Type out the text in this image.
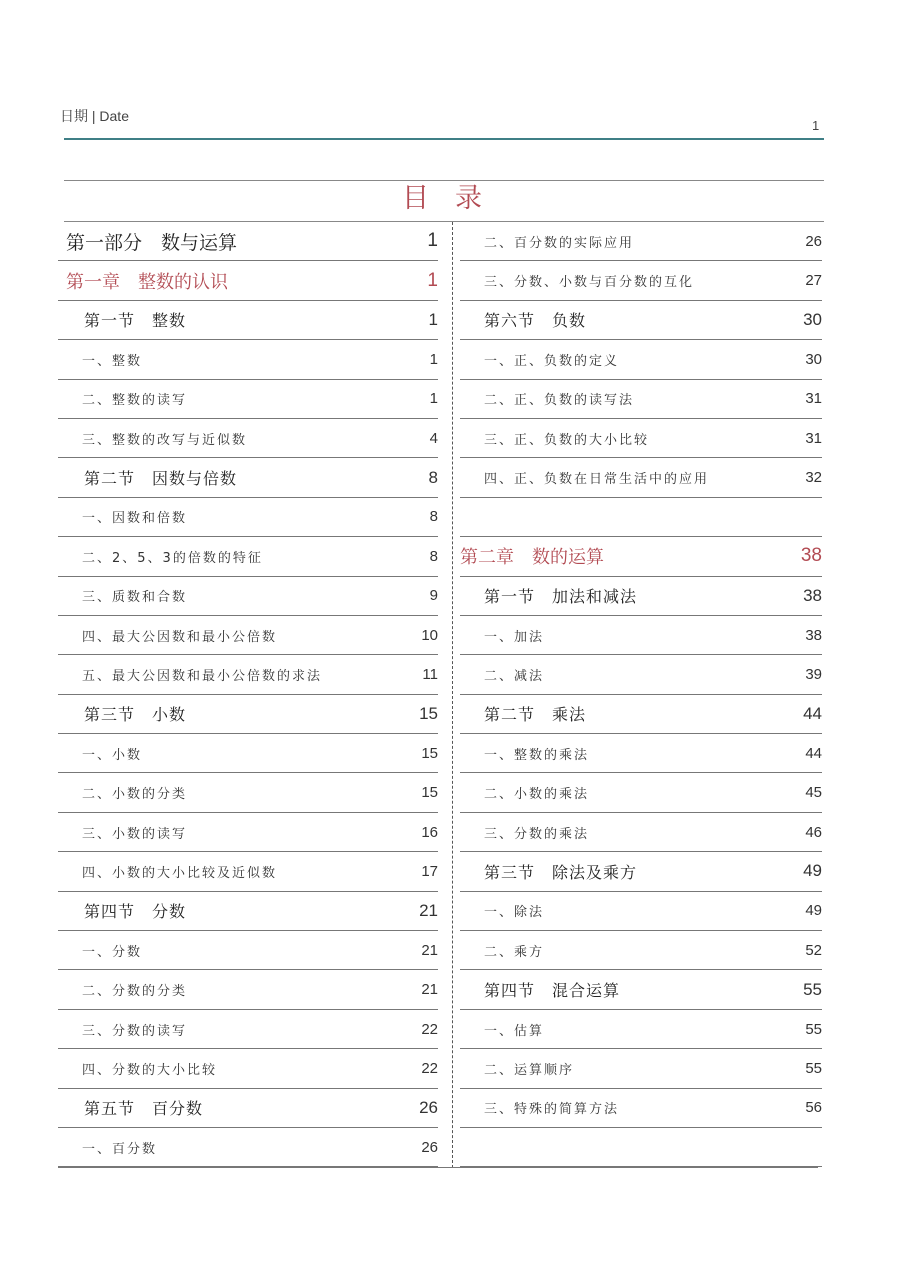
日期 | Date
1
目录
第一部分　数与运算	1
第一章　整数的认识	1
第一节　整数	1
一、整数	1
二、整数的读写	1
三、整数的改写与近似数	4
第二节　因数与倍数	8
一、因数和倍数	8
二、2、5、3的倍数的特征	8
三、质数和合数	9
四、最大公因数和最小公倍数	10
五、最大公因数和最小公倍数的求法	11
第三节　小数	15
一、小数	15
二、小数的分类	15
三、小数的读写	16
四、小数的大小比较及近似数	17
第四节　分数	21
一、分数	21
二、分数的分类	21
三、分数的读写	22
四、分数的大小比较	22
第五节　百分数	26
一、百分数	26
二、百分数的实际应用	26
三、分数、小数与百分数的互化	27
第六节　负数	30
一、正、负数的定义	30
二、正、负数的读写法	31
三、正、负数的大小比较	31
四、正、负数在日常生活中的应用	32
第二章　数的运算	38
第一节　加法和减法	38
一、加法	38
二、减法	39
第二节　乘法	44
一、整数的乘法	44
二、小数的乘法	45
三、分数的乘法	46
第三节　除法及乘方	49
一、除法	49
二、乘方	52
第四节　混合运算	55
一、估算	55
二、运算顺序	55
三、特殊的简算方法	56
